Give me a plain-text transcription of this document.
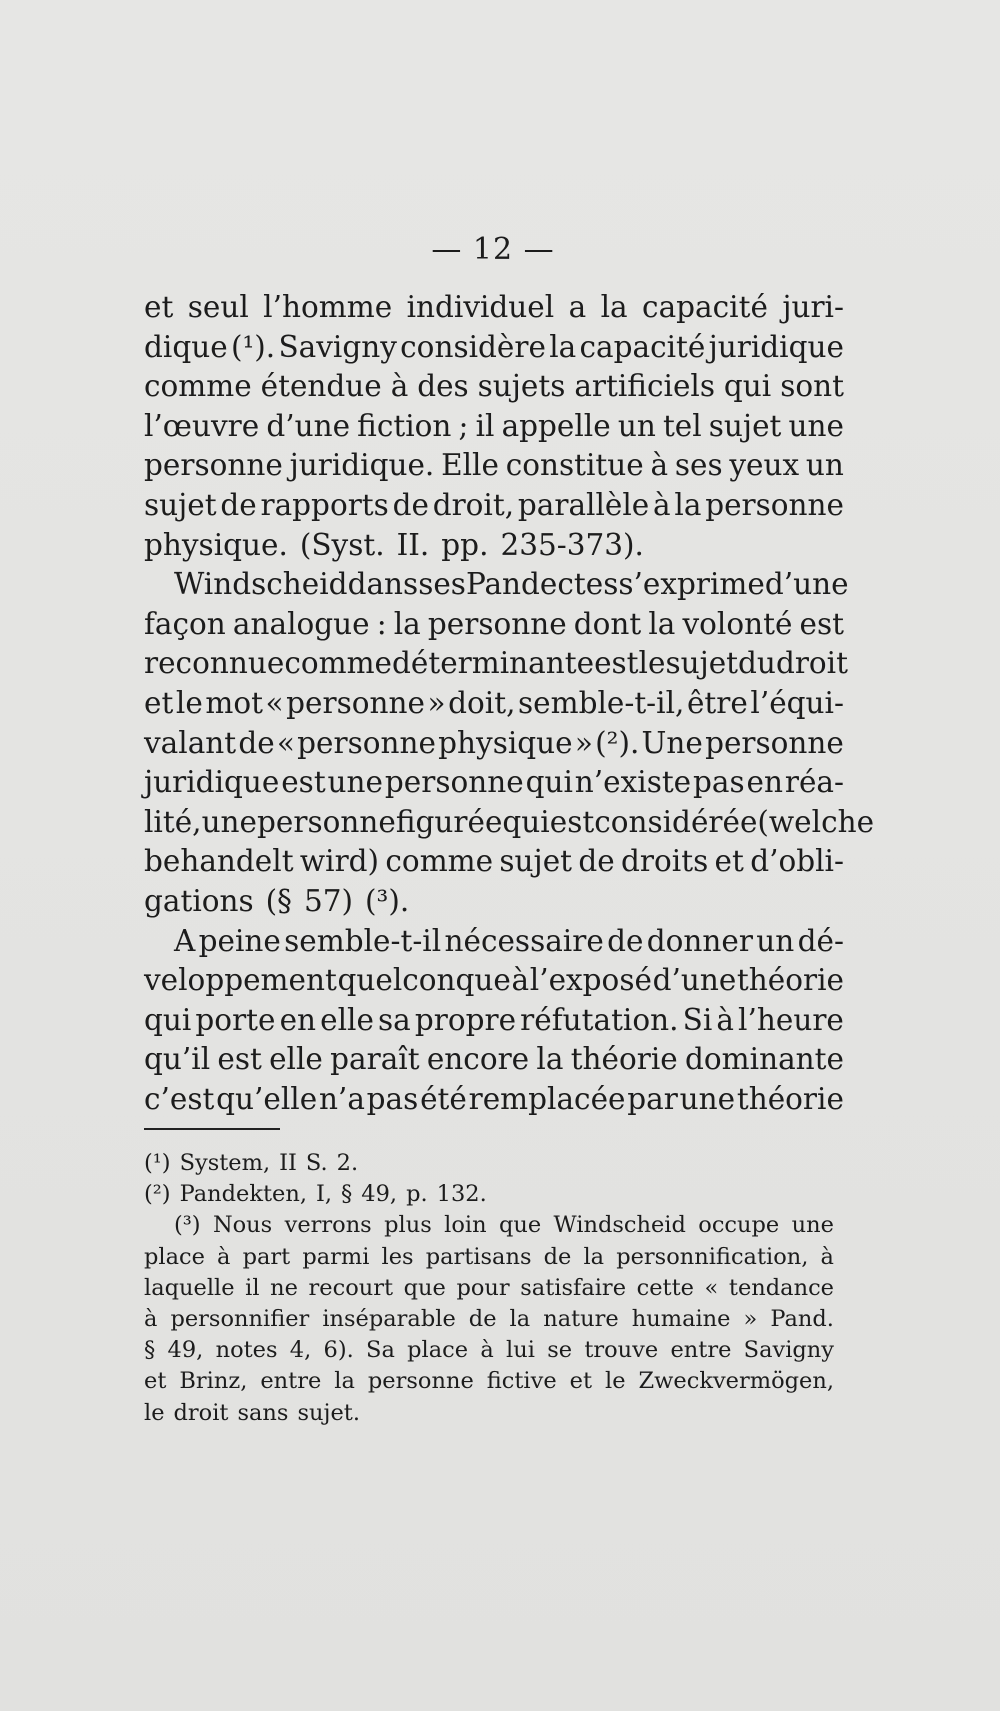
— 12 —
et seul l’homme individuel a la capacité juri-
dique (¹). Savigny considère la capacité juridique
comme étendue à des sujets artificiels qui sont
l’œuvre d’une fiction ; il appelle un tel sujet une
personne juridique. Elle constitue à ses yeux un
sujet de rapports de droit, parallèle à la personne
physique. (Syst. II. pp. 235-373).
Windscheid dans ses Pandectes s’exprime d’une
façon analogue : la personne dont la volonté est
reconnue comme déterminante est le sujet du droit
et le mot « personne » doit, semble-t-il, être l’équi-
valant de « personne physique » (²). Une personne
juridique est une personne qui n’existe pas en réa-
lité, une personne figurée qui est considérée (welche
behandelt wird) comme sujet de droits et d’obli-
gations (§ 57) (³).
A peine semble-t-il nécessaire de donner un dé-
veloppement quelconque à l’exposé d’une théorie
qui porte en elle sa propre réfutation. Si à l’heure
qu’il est elle paraît encore la théorie dominante
c’est qu’elle n’a pas été remplacée par une théorie
(¹) System, II S. 2.
(²) Pandekten, I, § 49, p. 132.
(³) Nous verrons plus loin que Windscheid occupe une
place à part parmi les partisans de la personnification, à
laquelle il ne recourt que pour satisfaire cette « tendance
à personnifier inséparable de la nature humaine » Pand.
§ 49, notes 4, 6). Sa place à lui se trouve entre Savigny
et Brinz, entre la personne fictive et le Zweckvermögen,
le droit sans sujet.
